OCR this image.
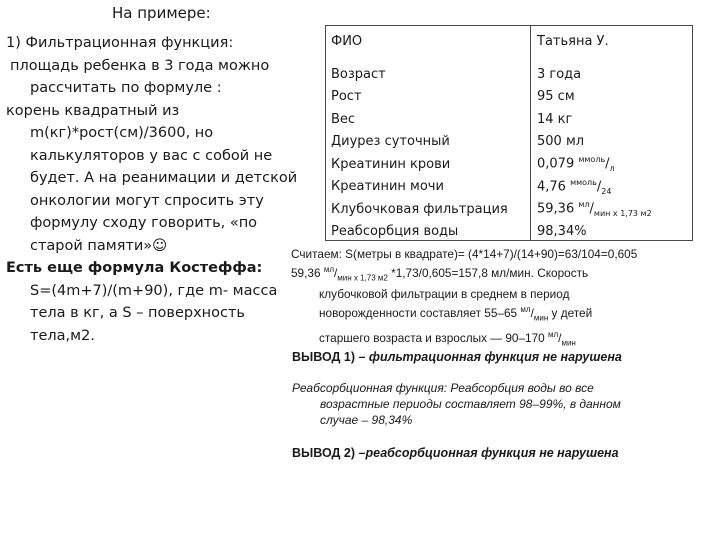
На примере:
1) Фильтрационная функция:
площадь ребенка в 3 года можно
рассчитать по формуле :
корень квадратный из
m(кг)*рост(см)/3600, но
калькуляторов у вас с собой не
будет. А на реанимации и детской
онкологии могут спросить эту
формулу сходу говорить, «по
старой памяти»☺
Есть еще формула Костеффа:
S=(4m+7)/(m+90), где m- масса
тела в кг, а S – поверхность
тела,м2.
ФИО	Татьяна У.

Возраст	3 года
Рост	95 см
Вес	14 кг
Диурез суточный	500 мл
Креатинин крови	0,079 $^{ммоль}/_л$
Креатинин мочи	4,76 $^{ммоль}/_{24}$
Клубочковая фильтрация	59,36 $^{мл}/_{мин х 1,73 м2}$
Реабсорбция воды	98,34%
Считаем: S(метры в квадрате)= (4*14+7)/(14+90)=63/104=0,605
59,36 $^{мл}/_{мин х 1,73 м2}$ *1,73/0,605=157,8 мл/мин. Скорость
клубочковой фильтрации в среднем в период
новорожденности составляет 55–65 $^{мл}/_{мин}$ у детей
старшего возраста и взрослых — 90–170 $^{мл}/_{мин}$
ВЫВОД 1) – фильтрационная функция не нарушена
Реабсорбционная функция: Реабсорбция воды во все
возрастные периоды составляет 98–99%, в данном
случае – 98,34%
ВЫВОД 2) –реабсорбционная функция не нарушена
